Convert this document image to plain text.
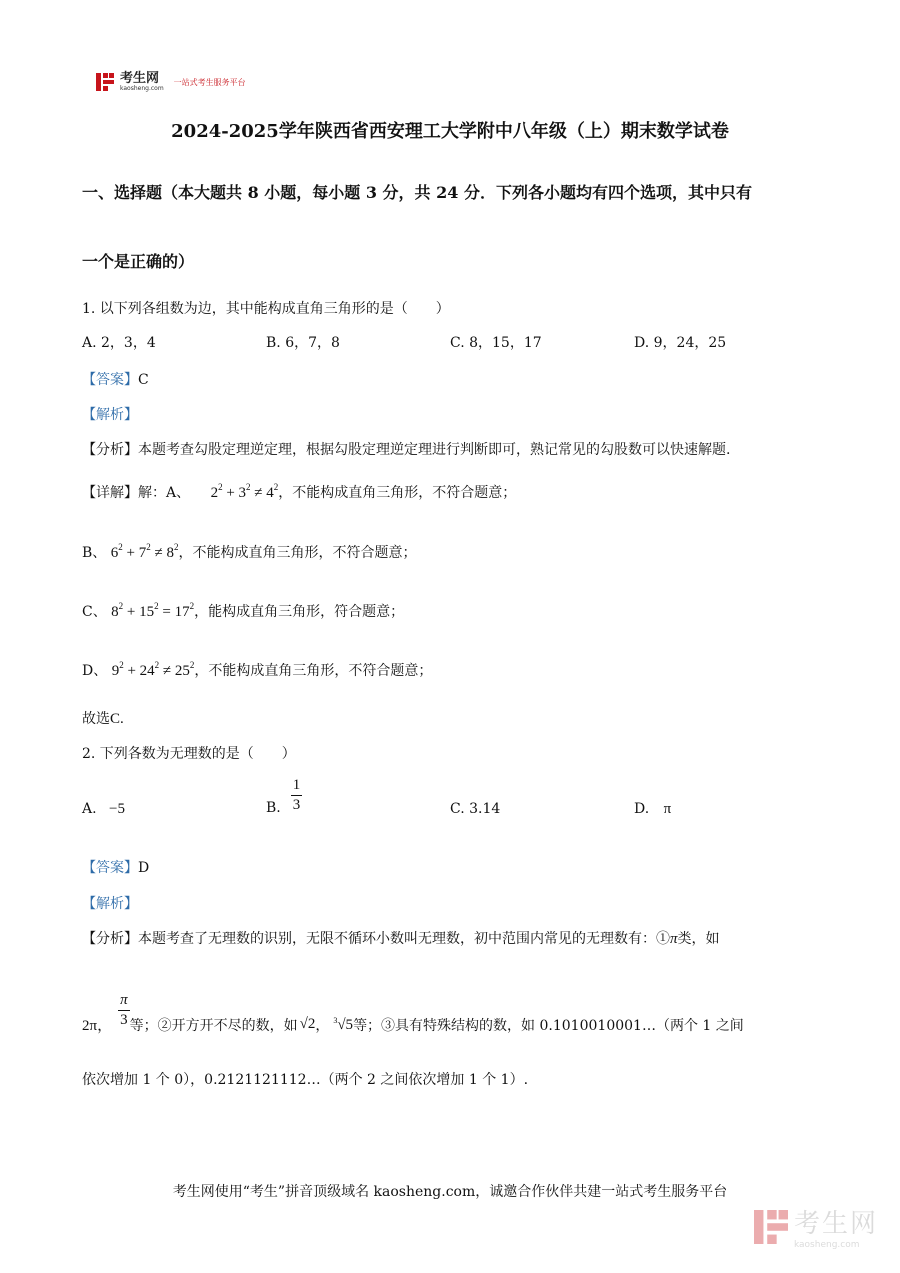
考生网
kaosheng.com
一站式考生服务平台
2024-2025学年陕西省西安理工大学附中八年级（上）期末数学试卷
一、选择题（本大题共 8 小题，每小题 3 分，共 24 分．下列各小题均有四个选项，其中只有
一个是正确的）
1. 以下列各组数为边，其中能构成直角三角形的是（　　）
A. 2，3，4	B. 6，7，8	C. 8，15，17	D. 9，24，25
【答案】C
【解析】
【分析】本题考查勾股定理逆定理，根据勾股定理逆定理进行判断即可，熟记常见的勾股数可以快速解题.
【详解】解：A、 $2^2 + 3^2 \ne 4^2$，不能构成直角三角形，不符合题意；
B、 $6^2 + 7^2 \ne 8^2$，不能构成直角三角形，不符合题意；
C、 $8^2 + 15^2 = 17^2$，能构成直角三角形，符合题意；
D、 $9^2 + 24^2 \ne 25^2$，不能构成直角三角形，不符合题意；
故选C.
2. 下列各数为无理数的是（　　）
A. −5	B. $\frac{1}{3}$	C. 3.14	D. π
【答案】D
【解析】
【分析】本题考查了无理数的识别，无限不循环小数叫无理数，初中范围内常见的无理数有：①π类，如
2π， $\frac{\pi}{3}$ 等；②开方开不尽的数，如 √2 ， $^3$√5 等；③具有特殊结构的数，如 0.1010010001…（两个 1 之间
依次增加 1 个 0），0.2121121112…（两个 2 之间依次增加 1 个 1）.
考生网使用“考生”拼音顶级域名 kaosheng.com，诚邀合作伙伴共建一站式考生服务平台
考生网
kaosheng.com
